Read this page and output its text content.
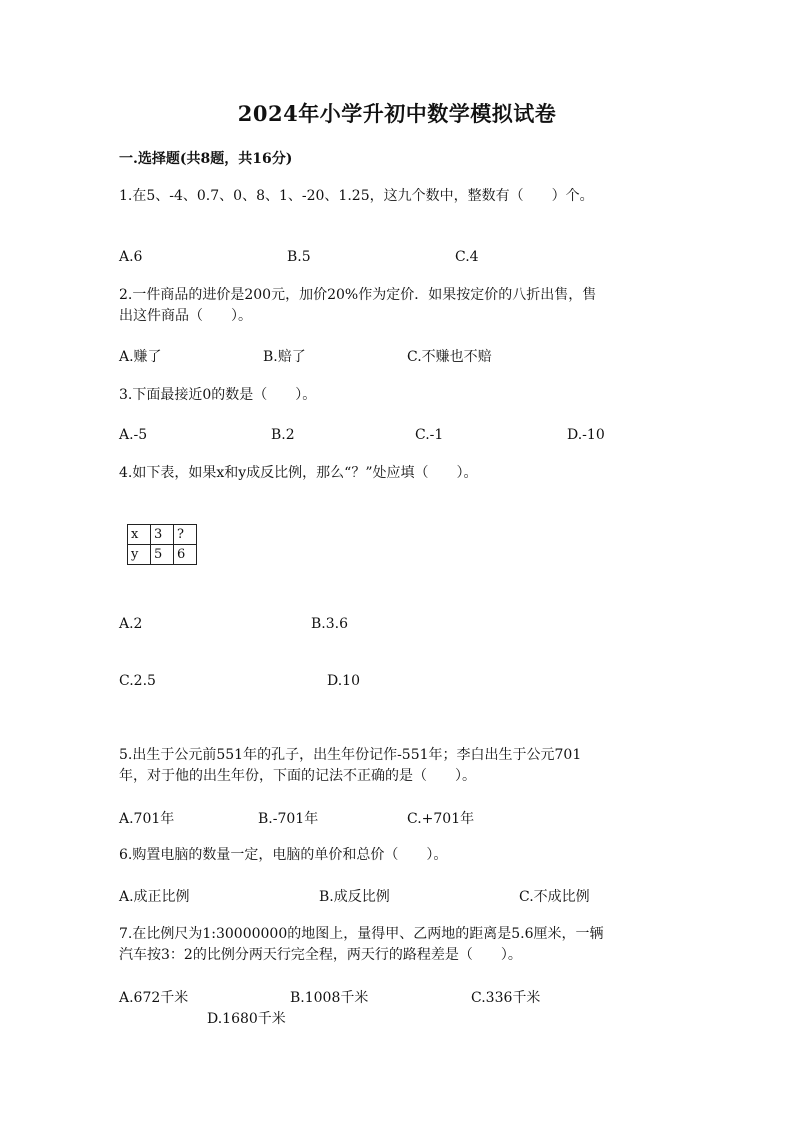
2024年小学升初中数学模拟试卷
一.选择题(共8题，共16分)
1.在5、-4、0.7、0、8、1、-20、1.25，这九个数中，整数有（　　）个。
A.6	B.5	C.4
2.一件商品的进价是200元，加价20%作为定价．如果按定价的八折出售，售
出这件商品（　　）。
A.赚了	B.赔了	C.不赚也不赔
3.下面最接近0的数是（　　）。
A.-5	B.2	C.-1	D.-10
4.如下表，如果x和y成反比例，那么“？”处应填（　　）。
x	3	?
y	5	6
A.2	B.3.6
C.2.5	D.10
5.出生于公元前551年的孔子，出生年份记作-551年；李白出生于公元701
年，对于他的出生年份，下面的记法不正确的是（　　）。
A.701年	B.-701年	C.+701年
6.购置电脑的数量一定，电脑的单价和总价（　　）。
A.成正比例	B.成反比例	C.不成比例
7.在比例尺为1:30000000的地图上，量得甲、乙两地的距离是5.6厘米，一辆
汽车按3：2的比例分两天行完全程，两天行的路程差是（　　）。
A.672千米	B.1008千米	C.336千米
D.1680千米
